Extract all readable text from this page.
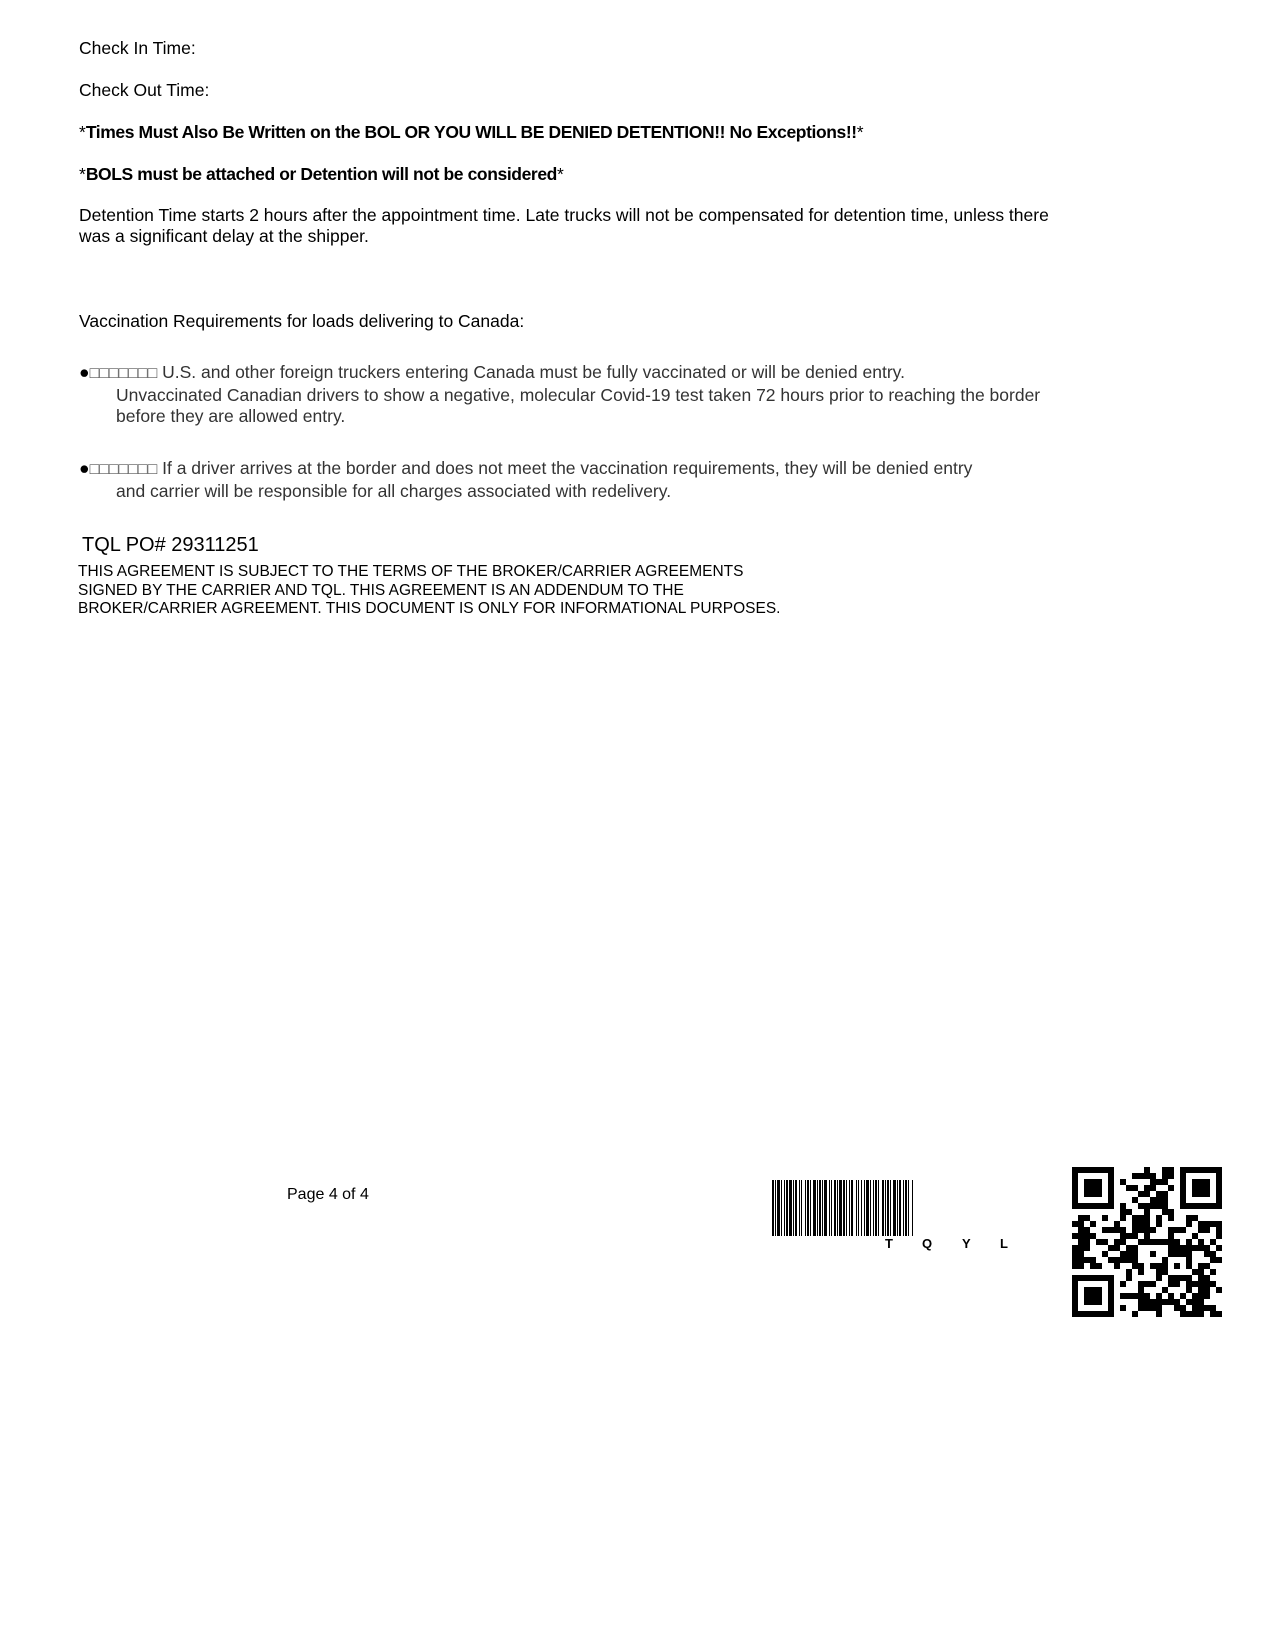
Check In Time:
Check Out Time:
*Times Must Also Be Written on the BOL OR YOU WILL BE DENIED DETENTION!! No Exceptions!!*
*BOLS must be attached or Detention will not be considered*
Detention Time starts 2 hours after the appointment time. Late trucks will not be compensated for detention time, unless there was a significant delay at the shipper.
Vaccination Requirements for loads delivering to Canada:
●□□□□□□□ U.S. and other foreign truckers entering Canada must be fully vaccinated or will be denied entry.
Unvaccinated Canadian drivers to show a negative, molecular Covid-19 test taken 72 hours prior to reaching the border before they are allowed entry.
●□□□□□□□ If a driver arrives at the border and does not meet the vaccination requirements, they will be denied entry
and carrier will be responsible for all charges associated with redelivery.
TQL PO# 29311251
THIS AGREEMENT IS SUBJECT TO THE TERMS OF THE BROKER/CARRIER AGREEMENTS SIGNED BY THE CARRIER AND TQL. THIS AGREEMENT IS AN ADDENDUM TO THE BROKER/CARRIER AGREEMENT. THIS DOCUMENT IS ONLY FOR INFORMATIONAL PURPOSES.
Page 4 of 4
T Q Y L
